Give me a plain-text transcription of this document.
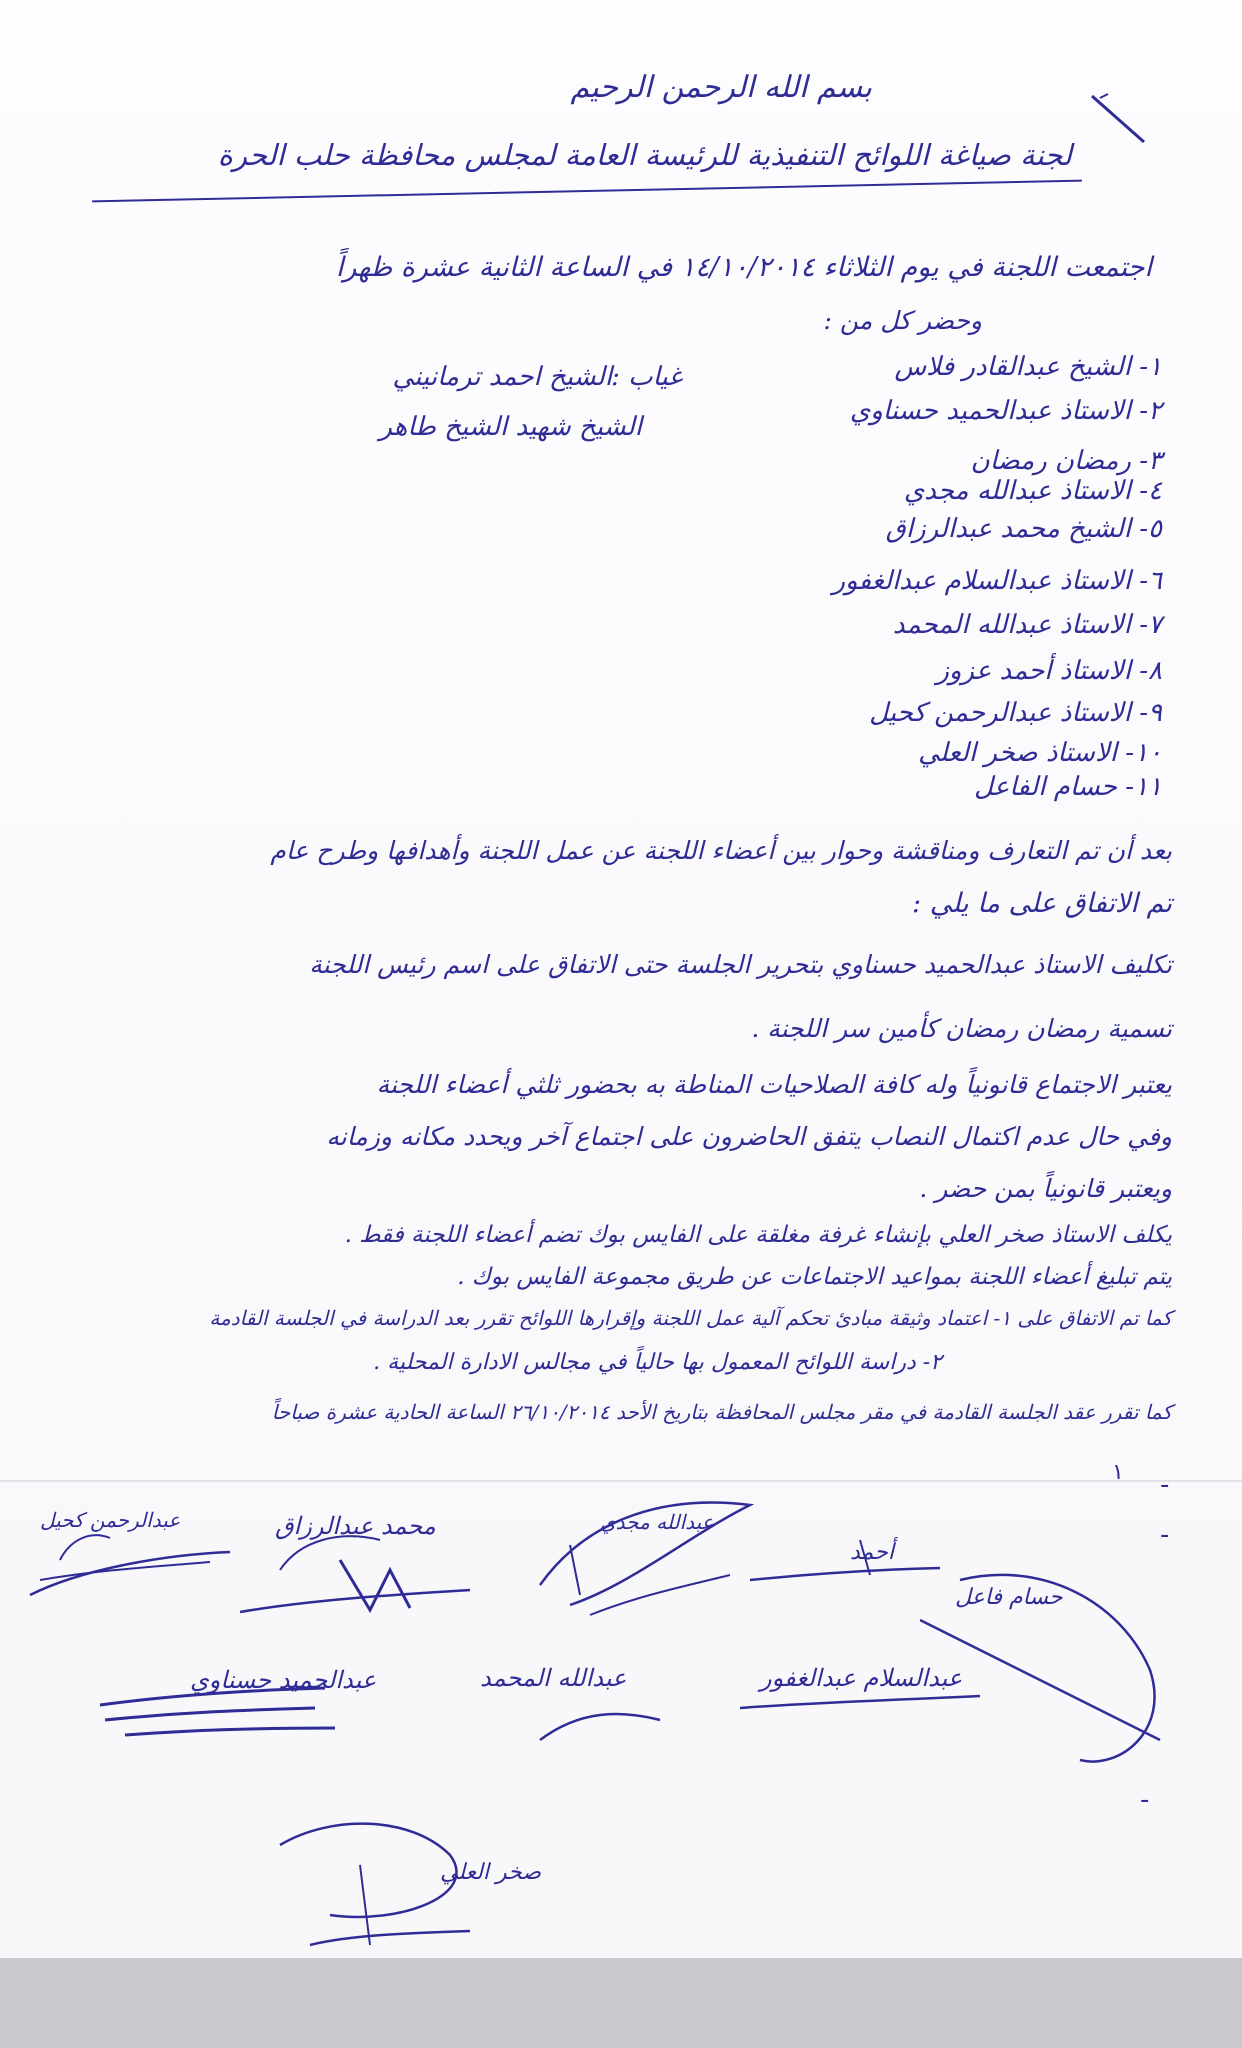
بسم الله الرحمن الرحيم
لجنة صياغة اللوائح التنفيذية للرئيسة العامة لمجلس محافظة حلب الحرة
اجتمعت اللجنة في يوم الثلاثاء ١٤/١٠/٢٠١٤ في الساعة الثانية عشرة ظهراً
وحضر كل من :
١- الشيخ عبدالقادر فلاس
٢- الاستاذ عبدالحميد حسناوي
٣- رمضان رمضان
٤- الاستاذ عبدالله مجدي
٥- الشيخ محمد عبدالرزاق
٦- الاستاذ عبدالسلام عبدالغفور
٧- الاستاذ عبدالله المحمد
٨- الاستاذ أحمد عزوز
٩- الاستاذ عبدالرحمن كحيل
١٠- الاستاذ صخر العلي
١١- حسام الفاعل
غياب :
الشيخ احمد ترمانيني
الشيخ شهيد الشيخ طاهر
بعد أن تم التعارف ومناقشة وحوار بين أعضاء اللجنة عن عمل اللجنة وأهدافها وطرح عام
تم الاتفاق على ما يلي :
تكليف الاستاذ عبدالحميد حسناوي بتحرير الجلسة حتى الاتفاق على اسم رئيس اللجنة
تسمية رمضان رمضان كأمين سر اللجنة .
يعتبر الاجتماع قانونياً وله كافة الصلاحيات المناطة به بحضور ثلثي أعضاء اللجنة
وفي حال عدم اكتمال النصاب يتفق الحاضرون على اجتماع آخر ويحدد مكانه وزمانه
ويعتبر قانونياً بمن حضر .
يكلف الاستاذ صخر العلي بإنشاء غرفة مغلقة على الفايس بوك تضم أعضاء اللجنة فقط .
يتم تبليغ أعضاء اللجنة بمواعيد الاجتماعات عن طريق مجموعة الفايس بوك .
كما تم الاتفاق على ١- اعتماد وثيقة مبادئ تحكم آلية عمل اللجنة وإقرارها اللوائح تقرر بعد الدراسة في الجلسة القادمة
٢- دراسة اللوائح المعمول بها حالياً في مجالس الادارة المحلية .
كما تقرر عقد الجلسة القادمة في مقر مجلس المحافظة بتاريخ الأحد ٢٦/١٠/٢٠١٤ الساعة الحادية عشرة صباحاً
-
-
-
١
عبدالرحمن كحيل	محمد عبدالرزاق	عبدالله مجدي
أحمد
حسام فاعل
عبدالحميد حسناوي	عبدالله المحمد	عبدالسلام عبدالغفور
صخر العلي
